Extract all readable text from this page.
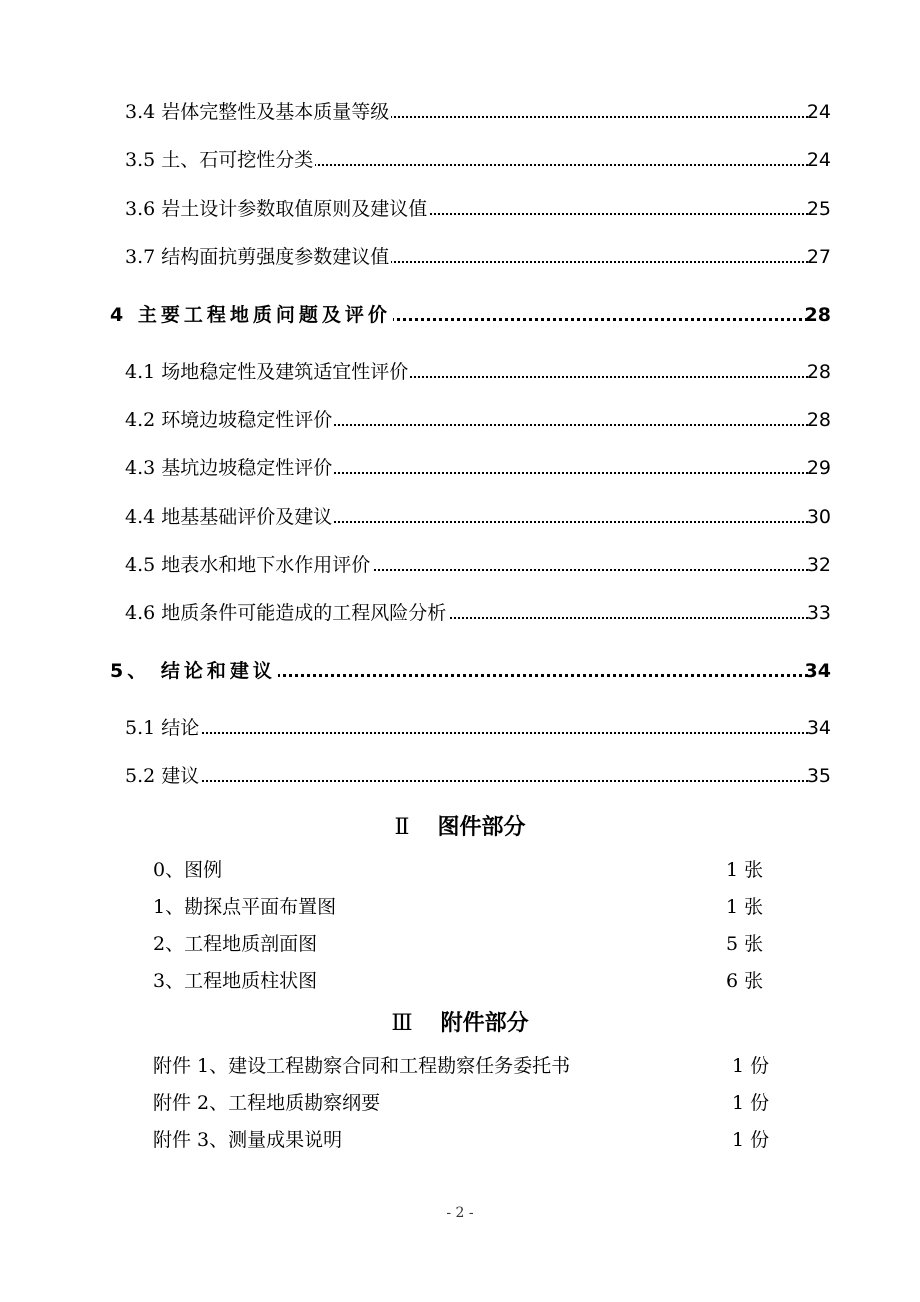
3.4 岩体完整性及基本质量等级	24
3.5 土、石可挖性分类	24
3.6 岩土设计参数取值原则及建议值	25
3.7 结构面抗剪强度参数建议值	27
4 主要工程地质问题及评价	28
4.1 场地稳定性及建筑适宜性评价	28
4.2 环境边坡稳定性评价	28
4.3 基坑边坡稳定性评价	29
4.4 地基基础评价及建议	30
4.5 地表水和地下水作用评价	32
4.6 地质条件可能造成的工程风险分析	33
5、 结论和建议	34
5.1 结论	34
5.2 建议	35
Ⅱ 图件部分
0、图例	1 张
1、勘探点平面布置图	1 张
2、工程地质剖面图	5 张
3、工程地质柱状图	6 张
Ⅲ 附件部分
附件 1、建设工程勘察合同和工程勘察任务委托书	1 份
附件 2、工程地质勘察纲要	1 份
附件 3、测量成果说明	1 份
- 2 -
